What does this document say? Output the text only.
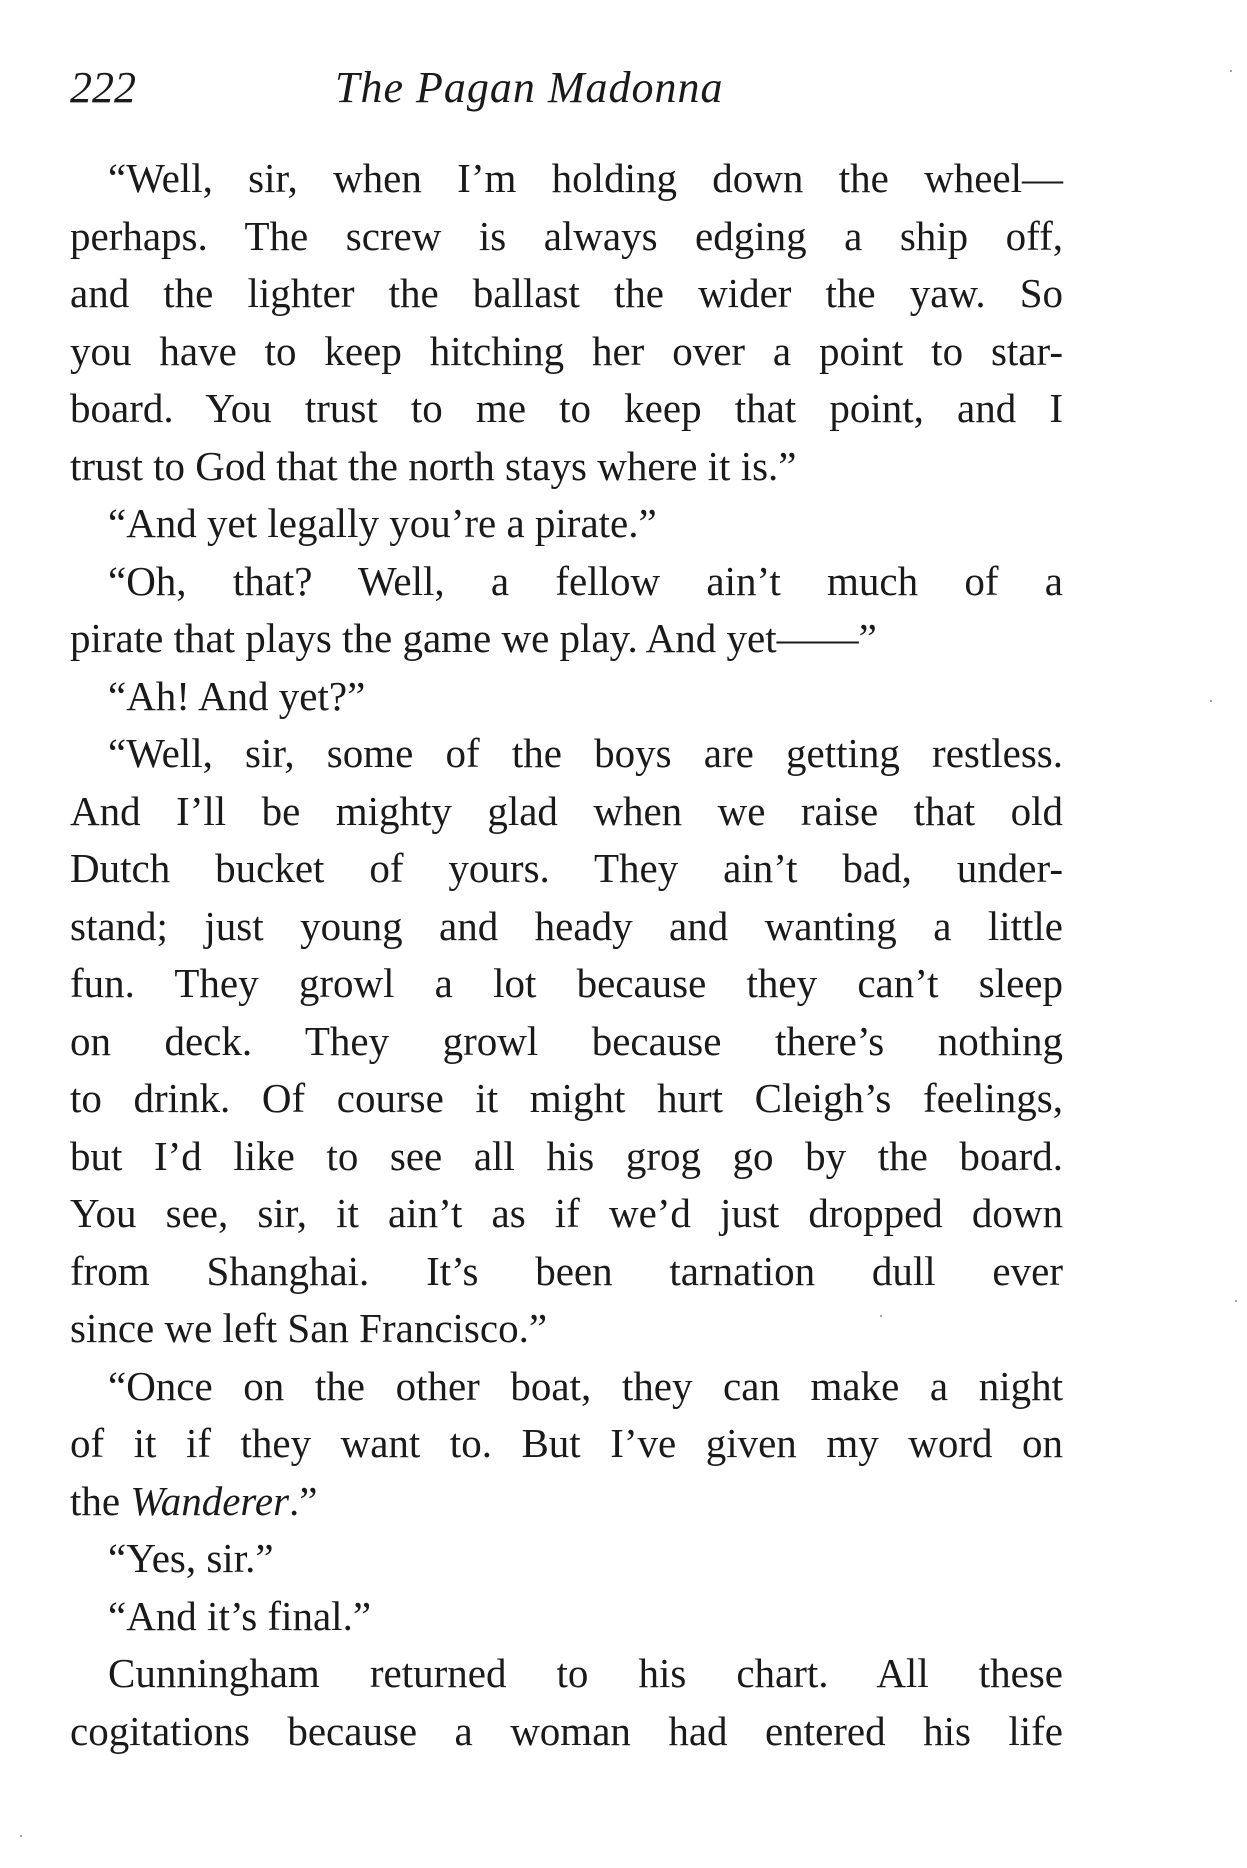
222	The Pagan Madonna
“Well, sir, when I’m holding down the wheel—
perhaps. The screw is always edging a ship off,
and the lighter the ballast the wider the yaw. So
you have to keep hitching her over a point to star-
board. You trust to me to keep that point, and I
trust to God that the north stays where it is.”
“And yet legally you’re a pirate.”
“Oh, that? Well, a fellow ain’t much of a
pirate that plays the game we play. And yet——”
“Ah! And yet?”
“Well, sir, some of the boys are getting restless.
And I’ll be mighty glad when we raise that old
Dutch bucket of yours. They ain’t bad, under-
stand; just young and heady and wanting a little
fun. They growl a lot because they can’t sleep
on deck. They growl because there’s nothing
to drink. Of course it might hurt Cleigh’s feelings,
but I’d like to see all his grog go by the board.
You see, sir, it ain’t as if we’d just dropped down
from Shanghai. It’s been tarnation dull ever
since we left San Francisco.”
“Once on the other boat, they can make a night
of it if they want to. But I’ve given my word on
the Wanderer.”
“Yes, sir.”
“And it’s final.”
Cunningham returned to his chart. All these
cogitations because a woman had entered his life
